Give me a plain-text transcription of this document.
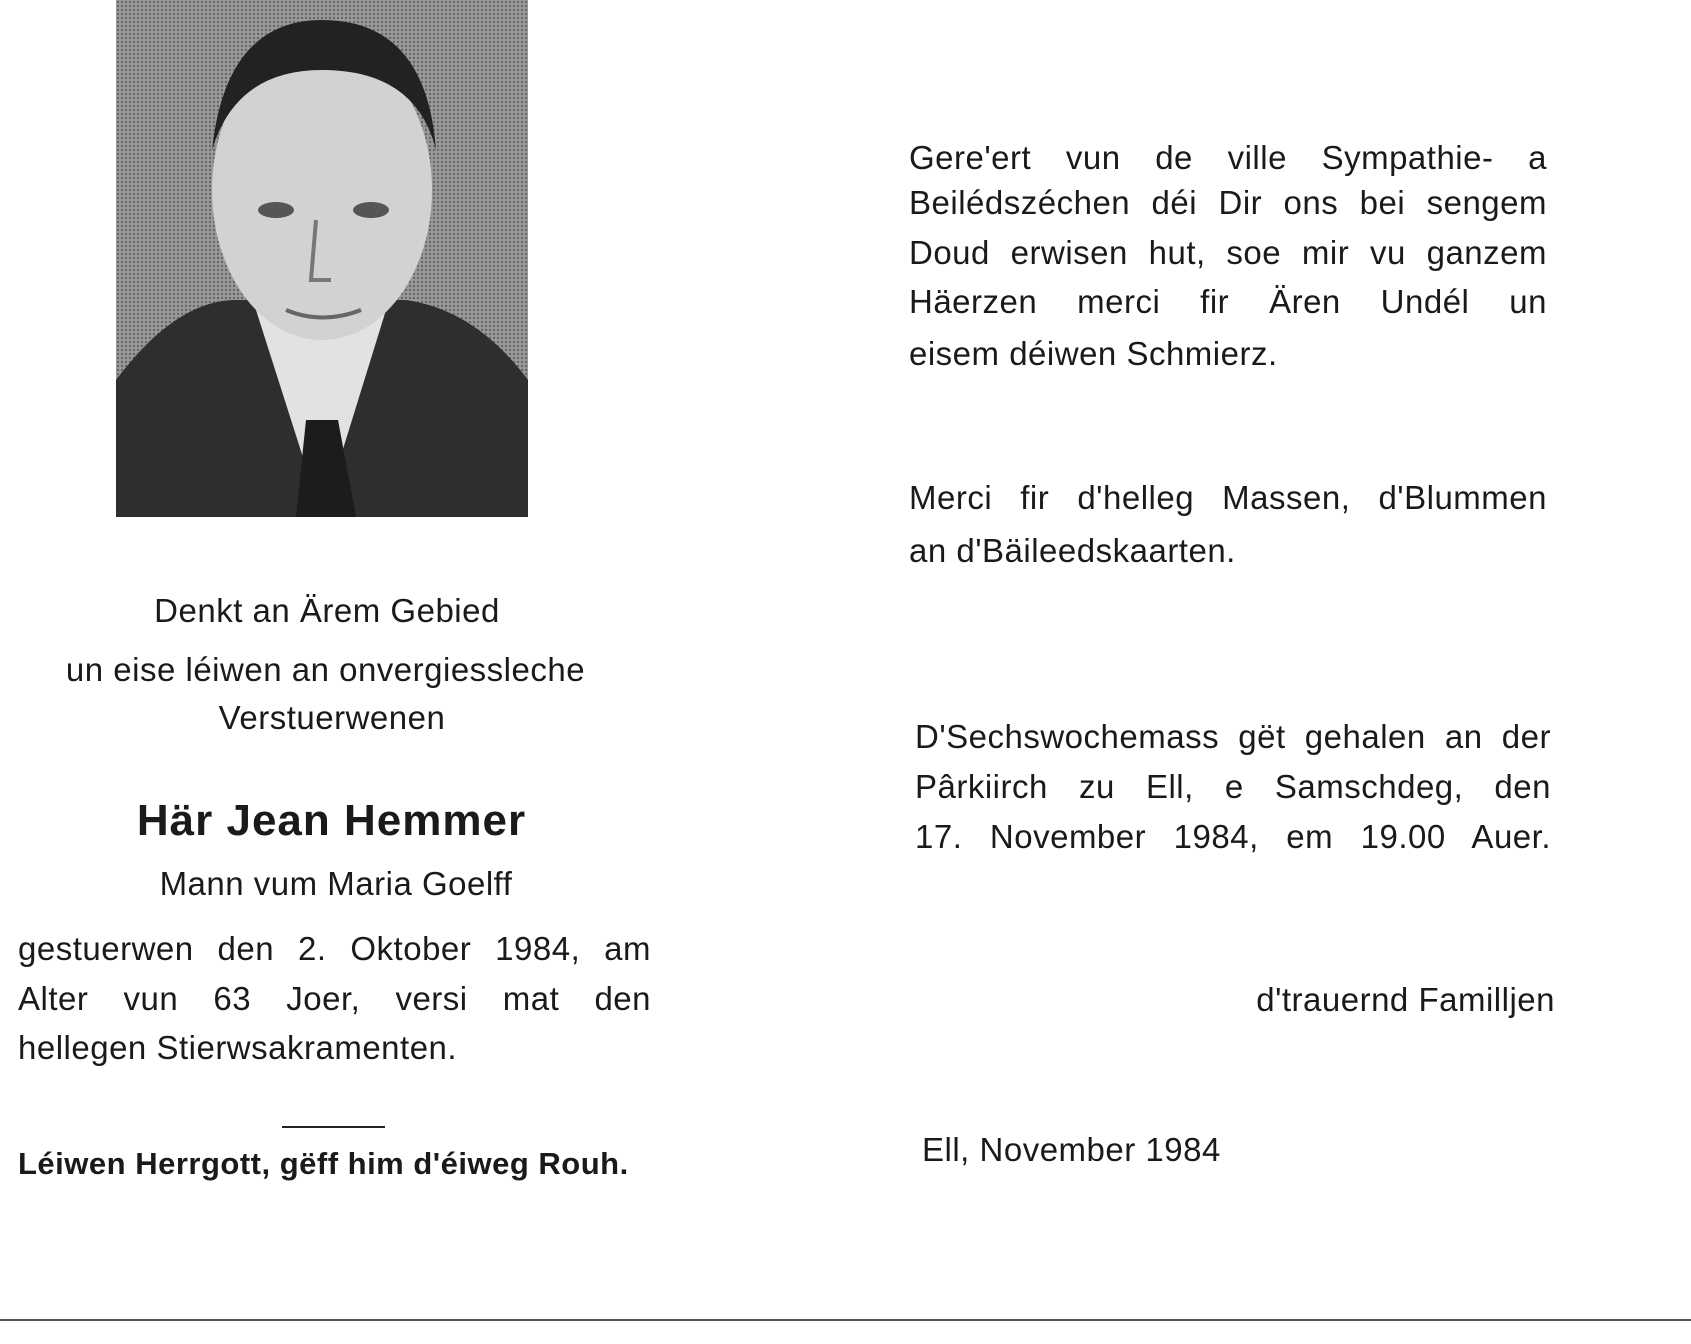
Denkt an Ärem Gebied
un eise léiwen an onvergiessleche
Verstuerwenen
Här Jean Hemmer
Mann vum Maria Goelff
gestuerwen den 2. Oktober 1984, am
Alter vun 63 Joer, versi mat den
hellegen Stierwsakramenten.
Léiwen Herrgott, gëff him d'éiweg Rouh.
Gere'ert vun de ville Sympathie- a
Beilédszéchen déi Dir ons bei sengem
Doud erwisen hut, soe mir vu ganzem
Häerzen merci fir Ären Undél un
eisem déiwen Schmierz.
Merci fir d'helleg Massen, d'Blummen
an d'Bäileedskaarten.
D'Sechswochemass gët gehalen an der
Pârkiirch zu Ell, e Samschdeg, den
17. November 1984, em 19.00 Auer.
d'trauernd Familljen
Ell, November 1984
